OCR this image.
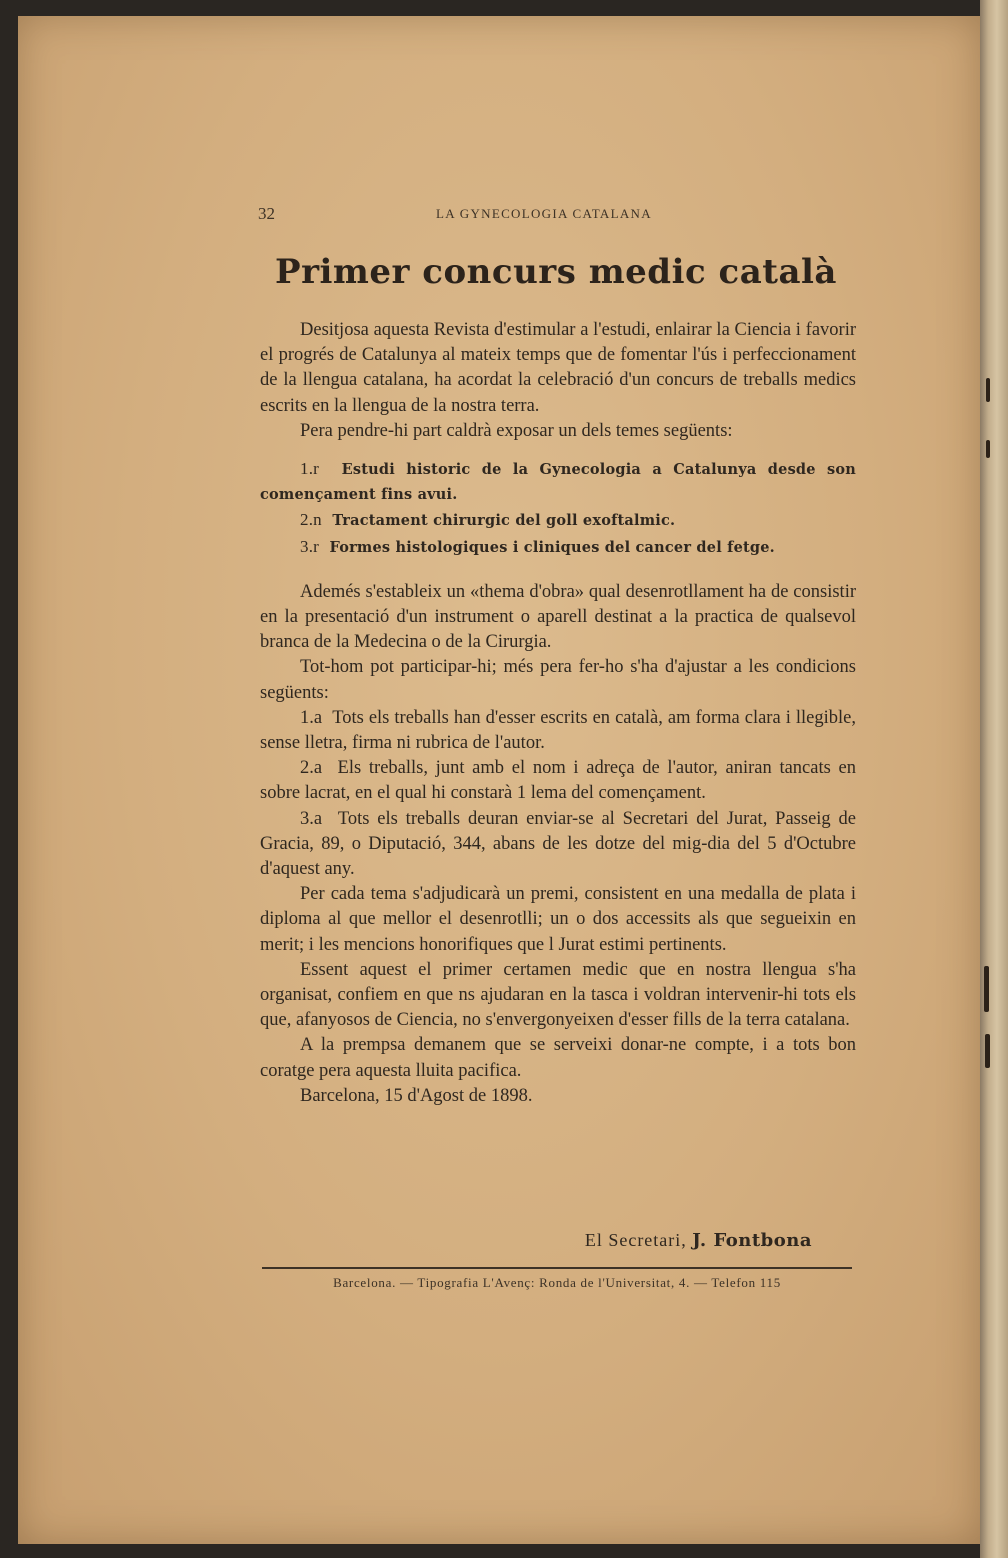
32	LA GYNECOLOGIA CATALANA
Primer concurs medic català

Desitjosa aquesta Revista d'estimular a l'estudi, enlairar la Ciencia i favorir el progrés de Catalunya al mateix temps que de fomentar l'ús i perfeccionament de la llengua catalana, ha acordat la celebració d'un concurs de treballs medics escrits en la llengua de la nostra terra.

Pera pendre-hi part caldrà exposar un dels temes següents:

1.r Estudi historic de la Gynecologia a Catalunya desde son començament fins avui.

2.n Tractament chirurgic del goll exoftalmic.

3.r Formes histologiques i cliniques del cancer del fetge.

Ademés s'estableix un «thema d'obra» qual desenrotllament ha de consistir en la presentació d'un instrument o aparell destinat a la practica de qualsevol branca de la Medecina o de la Cirurgia.

Tot-hom pot participar-hi; més pera fer-ho s'ha d'ajustar a les condicions següents:

1.a Tots els treballs han d'esser escrits en català, am forma clara i llegible, sense lletra, firma ni rubrica de l'autor.

2.a Els treballs, junt amb el nom i adreça de l'autor, aniran tancats en sobre lacrat, en el qual hi constarà 1 lema del començament.

3.a Tots els treballs deuran enviar-se al Secretari del Jurat, Passeig de Gracia, 89, o Diputació, 344, abans de les dotze del mig-dia del 5 d'Octubre d'aquest any.

Per cada tema s'adjudicarà un premi, consistent en una medalla de plata i diploma al que mellor el desenrotlli; un o dos accessits als que segueixin en merit; i les mencions honorifiques que l Jurat estimi pertinents.

Essent aquest el primer certamen medic que en nostra llengua s'ha organisat, confiem en que ns ajudaran en la tasca i voldran intervenir-hi tots els que, afanyosos de Ciencia, no s'envergonyeixen d'esser fills de la terra catalana.

A la prempsa demanem que se serveixi donar-ne compte, i a tots bon coratge pera aquesta lluita pacifica.

Barcelona, 15 d'Agost de 1898.

El Secretari, J. Fontbona
Barcelona. — Tipografia L'Avenç: Ronda de l'Universitat, 4. — Telefon 115
